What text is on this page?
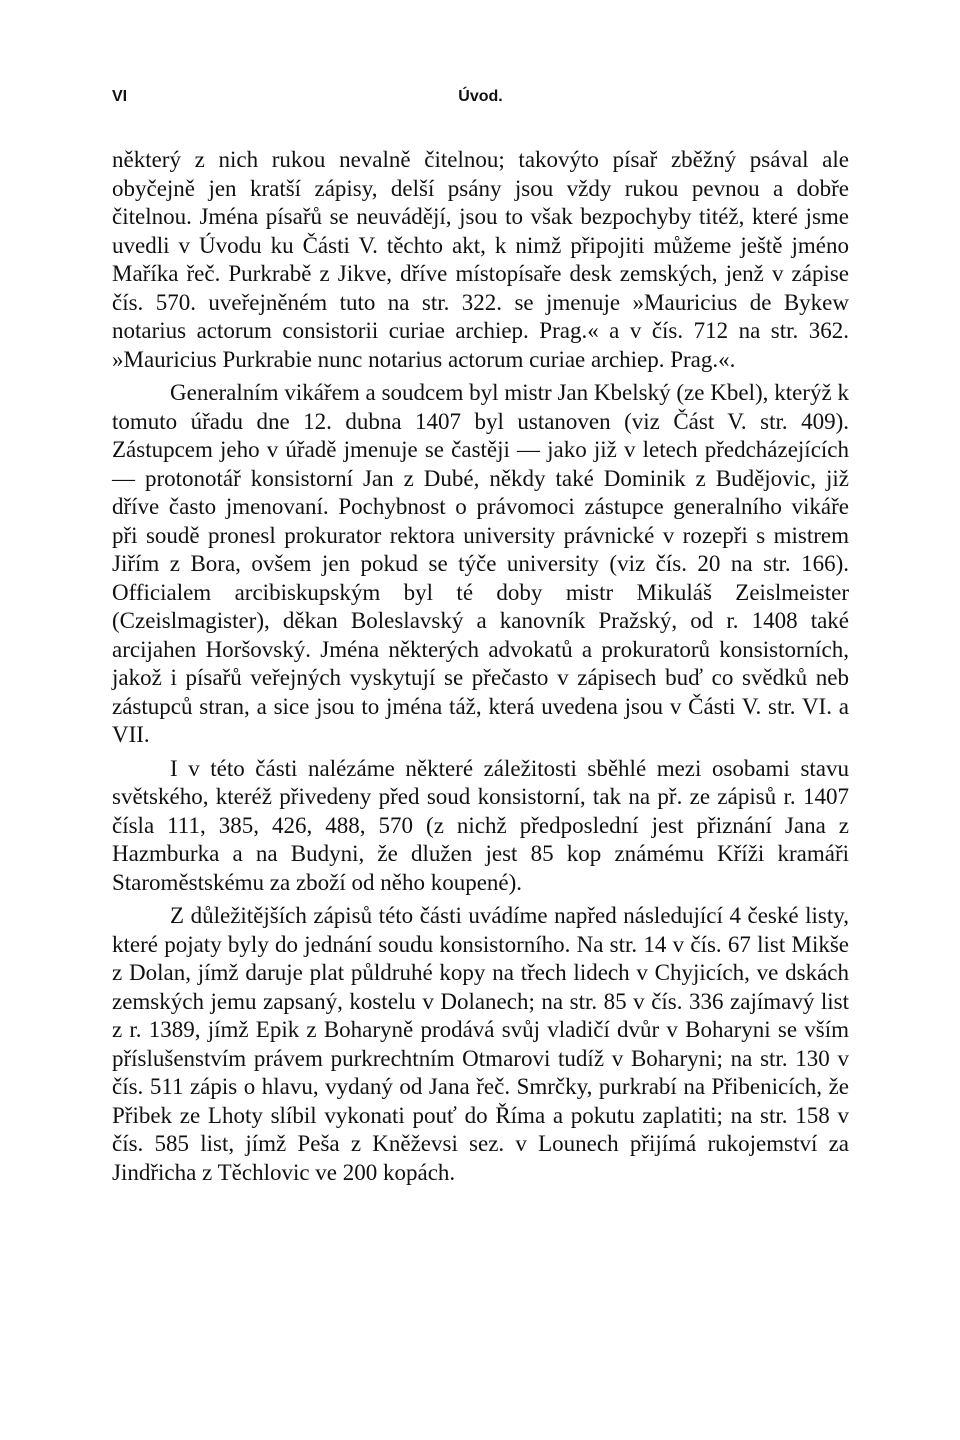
VI	Úvod.

některý z nich rukou nevalně čitelnou; takovýto písař zběžný psával ale obyčejně jen kratší zápisy, delší psány jsou vždy rukou pevnou a dobře čitelnou. Jména písařů se neuvádějí, jsou to však bezpochyby titéž, které jsme uvedli v Úvodu ku Části V. těchto akt, k nimž připojiti můžeme ještě jméno Maříka řeč. Purkrabě z Jikve, dříve místopísaře desk zemských, jenž v zápise čís. 570. uveřejněném tuto na str. 322. se jmenuje »Mauricius de Bykew notarius actorum consistorii curiae archiep. Prag.« a v čís. 712 na str. 362. »Mauricius Purkrabie nunc notarius actorum curiae archiep. Prag.«.

Generalním vikářem a soudcem byl mistr Jan Kbelský (ze Kbel), kterýž k tomuto úřadu dne 12. dubna 1407 byl ustanoven (viz Část V. str. 409). Zástupcem jeho v úřadě jmenuje se častěji — jako již v letech předcházejících — protonotář konsistorní Jan z Dubé, někdy také Dominik z Budějovic, již dříve často jmenovaní. Pochybnost o právomoci zástupce generalního vikáře při soudě pronesl prokurator rektora university právnické v rozepři s mistrem Jiřím z Bora, ovšem jen pokud se týče university (viz čís. 20 na str. 166). Officialem arcibiskupským byl té doby mistr Mikuláš Zeislmeister (Czeislmagister), děkan Boleslavský a kanovník Pražský, od r. 1408 také arcijahen Horšovský. Jména některých advokatů a prokuratorů konsistorních, jakož i písařů veřejných vyskytují se přečasto v zápisech buď co svědků neb zástupců stran, a sice jsou to jména táž, která uvedena jsou v Části V. str. VI. a VII.

I v této části nalézáme některé záležitosti sběhlé mezi osobami stavu světského, kteréž přivedeny před soud konsistorní, tak na př. ze zápisů r. 1407 čísla 111, 385, 426, 488, 570 (z nichž předposlední jest přiznání Jana z Hazmburka a na Budyni, že dlužen jest 85 kop známému Kříži kramáři Staroměstskému za zboží od něho koupené).

Z důležitějších zápisů této části uvádíme napřed následující 4 české listy, které pojaty byly do jednání soudu konsistorního. Na str. 14 v čís. 67 list Mikše z Dolan, jímž daruje plat půldruhé kopy na třech lidech v Chyjicích, ve dskách zemských jemu zapsaný, kostelu v Dolanech; na str. 85 v čís. 336 zajímavý list z r. 1389, jímž Epik z Boharyně prodává svůj vladičí dvůr v Boharyni se vším příslušenstvím právem purkrechtním Otmarovi tudíž v Boharyni; na str. 130 v čís. 511 zápis o hlavu, vydaný od Jana řeč. Smrčky, purkrabí na Přibenicích, že Přibek ze Lhoty slíbil vykonati pouť do Říma a pokutu zaplatiti; na str. 158 v čís. 585 list, jímž Peša z Kněževsi sez. v Lounech přijímá rukojemství za Jindřicha z Těchlovic ve 200 kopách.
